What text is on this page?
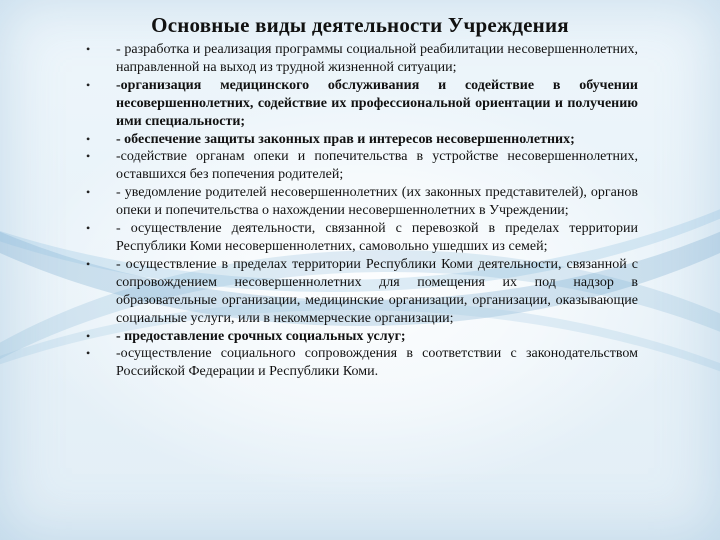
Основные виды деятельности Учреждения
•	- разработка и реализация программы социальной реабилитации несовершеннолетних, направленной на выход из трудной жизненной ситуации;
•	-организация медицинского обслуживания и содействие в обучении несовершеннолетних, содействие их профессиональной ориентации и получению ими специальности;
•	- обеспечение защиты законных прав и интересов несовершеннолетних;
•	-содействие органам опеки и попечительства в устройстве несовершеннолетних, оставшихся без попечения родителей;
•	- уведомление родителей несовершеннолетних (их законных представителей), органов опеки и попечительства о нахождении несовершеннолетних в Учреждении;
•	- осуществление деятельности, связанной с перевозкой в пределах территории Республики Коми несовершеннолетних, самовольно ушедших из семей;
•	- осуществление в пределах территории Республики Коми деятельности, связанной с сопровождением несовершеннолетних для помещения их под надзор в образовательные организации, медицинские организации, организации, оказывающие социальные услуги, или в некоммерческие организации;
•	- предоставление срочных социальных услуг;
•	-осуществление социального сопровождения в соответствии с законодательством Российской Федерации и Республики Коми.
